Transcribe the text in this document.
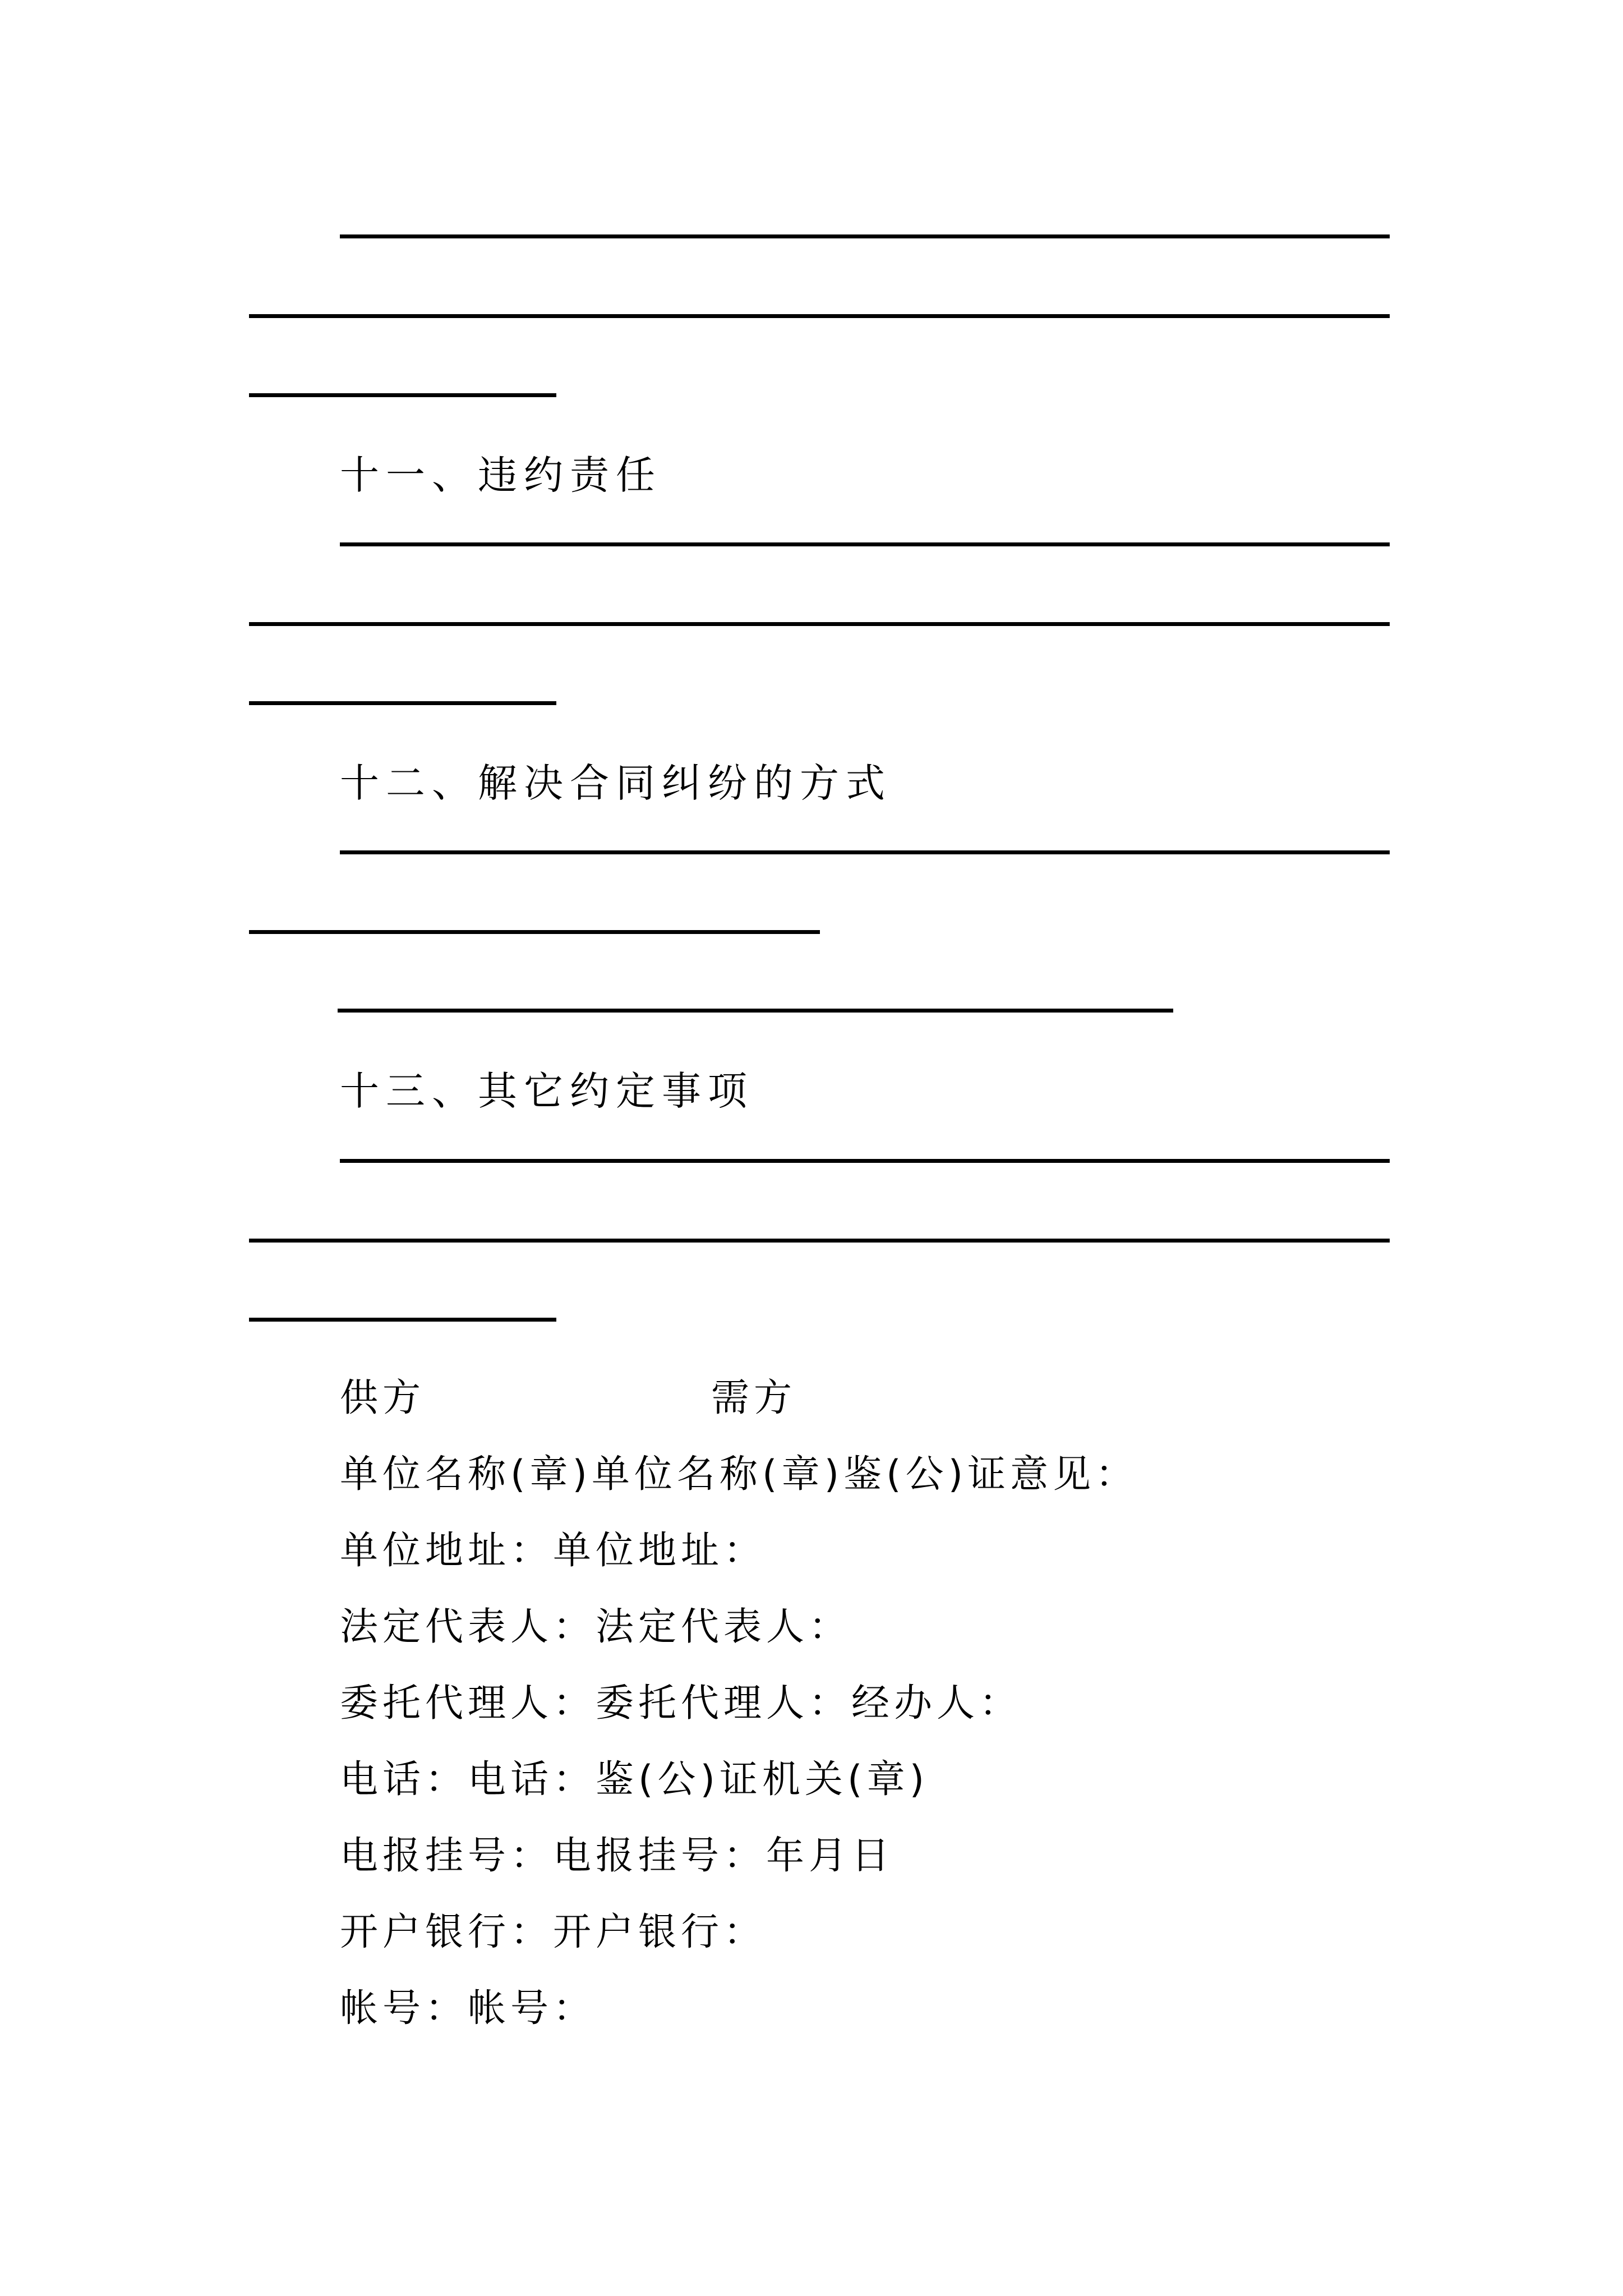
十一、违约责任
十二、解决合同纠纷的方式
十三、其它约定事项
供方	需方
单位名称(章)单位名称(章)鉴(公)证意见：
单位地址：单位地址：
法定代表人：法定代表人：
委托代理人：委托代理人：经办人：
电话：电话：鉴(公)证机关(章)
电报挂号：电报挂号：年月日
开户银行：开户银行：
帐号：帐号：
